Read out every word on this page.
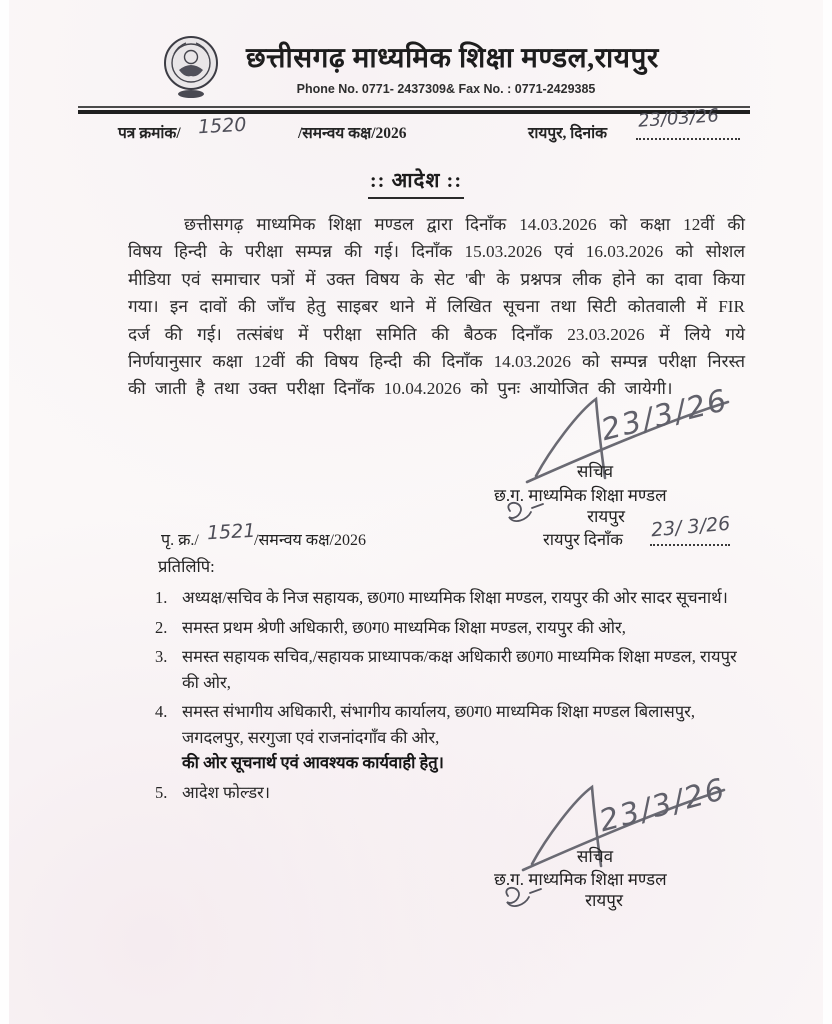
छत्तीसगढ़ माध्यमिक शिक्षा मण्डल,रायपुर
Phone No. 0771- 2437309& Fax No. : 0771-2429385
पत्र क्रमांक/ 1520	/समन्वय कक्ष/2026	रायपुर, दिनांक
23/03/26
:: आदेश ::
छत्तीसगढ़ माध्यमिक शिक्षा मण्डल द्वारा दिनाँक 14.03.2026 को कक्षा 12वीं की विषय हिन्दी के परीक्षा सम्पन्न की गई। दिनाँक 15.03.2026 एवं 16.03.2026 को सोशल मीडिया एवं समाचार पत्रों में उक्त विषय के सेट 'बी' के प्रश्नपत्र लीक होने का दावा किया गया। इन दावों की जाँच हेतु साइबर थाने में लिखित सूचना तथा सिटी कोतवाली में FIR दर्ज की गई। तत्संबंध में परीक्षा समिति की बैठक दिनाँक 23.03.2026 में लिये गये निर्णयानुसार कक्षा 12वीं की विषय हिन्दी की दिनाँक 14.03.2026 को सम्पन्न परीक्षा निरस्त की जाती है तथा उक्त परीक्षा दिनाँक 10.04.2026 को पुनः आयोजित की जायेगी।
23/3/26
सचिव
छ.ग. माध्यमिक शिक्षा मण्डल
रायपुर
रायपुर दिनाँक 23/ 3/26
पृ. क्र./ 1521
/समन्वय कक्ष/2026
प्रतिलिपि:
1. अध्यक्ष/सचिव के निज सहायक, छ0ग0 माध्यमिक शिक्षा मण्डल, रायपुर की ओर सादर सूचनार्थ।
2. समस्त प्रथम श्रेणी अधिकारी, छ0ग0 माध्यमिक शिक्षा मण्डल, रायपुर की ओर,
3. समस्त सहायक सचिव,/सहायक प्राध्यापक/कक्ष अधिकारी छ0ग0 माध्यमिक शिक्षा मण्डल, रायपुर की ओर,
4. समस्त संभागीय अधिकारी, संभागीय कार्यालय, छ0ग0 माध्यमिक शिक्षा मण्डल बिलासपुर, जगदलपुर, सरगुजा एवं राजनांदगाँव की ओर,
की ओर सूचनार्थ एवं आवश्यक कार्यवाही हेतु।
5. आदेश फोल्डर।	23/3/26
सचिव
छ.ग. माध्यमिक शिक्षा मण्डल
रायपुर
